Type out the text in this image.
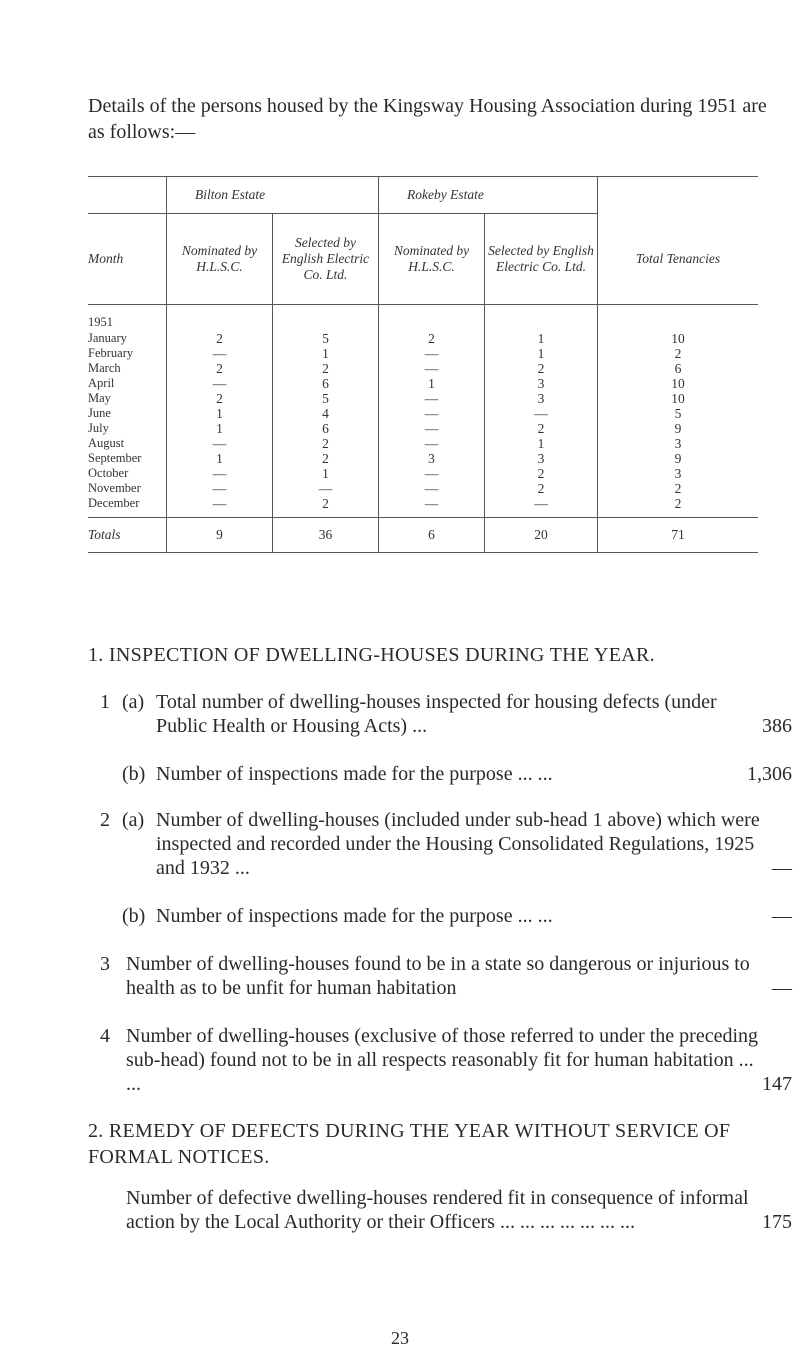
Details of the persons housed by the Kingsway Housing Association during 1951 are as follows:—

	Bilton Estate		Rokeby Estate		
Month	Nominated by H.L.S.C.	Selected by English Electric Co. Ltd.	Nominated by H.L.S.C.	Selected by English Electric Co. Ltd.	Total Tenancies
1951					
January	2	5	2	1	10
February	—	1	—	1	2
March	2	2	—	2	6
April	—	6	1	3	10
May	2	5	—	3	10
June	1	4	—	—	5
July	1	6	—	2	9
August	—	2	—	1	3
September	1	2	3	3	9
October	—	1	—	2	3
November	—	—	—	2	2
December	—	2	—	—	2

Totals	9	36	6	20	71
1. INSPECTION OF DWELLING-HOUSES DURING THE YEAR.
1 (a) Total number of dwelling-houses inspected for housing defects (under Public Health or Housing Acts) ...	386
(b) Number of inspections made for the purpose ... ...	1,306
2 (a) Number of dwelling-houses (included under sub-head 1 above) which were inspected and recorded under the Housing Consolidated Regulations, 1925 and 1932 ...	—
(b) Number of inspections made for the purpose ... ...	—
3 Number of dwelling-houses found to be in a state so dangerous or injurious to health as to be unfit for human habitation	—
4 Number of dwelling-houses (exclusive of those referred to under the preceding sub-head) found not to be in all respects reasonably fit for human habitation ... ...	147
2. REMEDY OF DEFECTS DURING THE YEAR WITHOUT SERVICE OF FORMAL NOTICES.
Number of defective dwelling-houses rendered fit in consequence of informal action by the Local Authority or their Officers ... ... ... ... ... ... ...	175
23
